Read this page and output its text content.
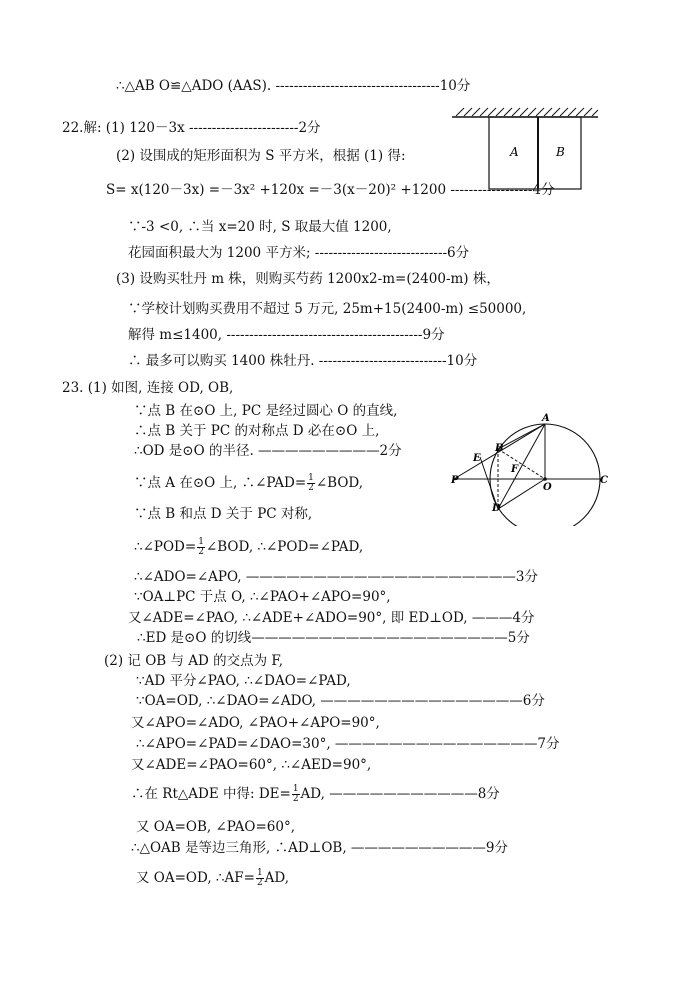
∴△AB O≌△ADO (AAS). ------------------------------------10分
22.解: (1) 120－3x ------------------------2分
(2) 设围成的矩形面积为 S 平方米，根据 (1) 得:
S= x(120－3x) =－3x² +120x =－3(x－20)² +1200 ------------------4分
∵-3 <0, ∴当 x=20 时, S 取最大值 1200,
花园面积最大为 1200 平方米; -----------------------------6分
(3) 设购买牡丹 m 株，则购买芍药 1200x2-m=(2400-m) 株，
∵学校计划购买费用不超过 5 万元, 25m+15(2400-m) ≤50000,
解得 m≤1400, -------------------------------------------9分
∴ 最多可以购买 1400 株牡丹. ----------------------------10分
A	B
23. (1) 如图, 连接 OD, OB,
∵点 B 在⊙O 上, PC 是经过圆心 O 的直线,
∴点 B 关于 PC 的对称点 D 必在⊙O 上,
∴OD 是⊙O 的半径. —————————2分
∵点 A 在⊙O 上, ∴∠PAD= $\frac{1}{2}$ ∠BOD,
∵点 B 和点 D 关于 PC 对称,
∴∠POD= $\frac{1}{2}$ ∠BOD, ∴∠POD=∠PAD,
∴∠ADO=∠APO, ————————————————————3分
∵OA⊥PC 于点 O, ∴∠PAO+∠APO=90°,
又∠ADE=∠PAO, ∴∠ADE+∠ADO=90°, 即 ED⊥OD, ———4分
∴ED 是⊙O 的切线———————————————————5分
(2) 记 OB 与 AD 的交点为 F,
∵AD 平分∠PAO, ∴∠DAO=∠PAD,
∵OA=OD, ∴∠DAO=∠ADO, ———————————————6分
又∠APO=∠ADO, ∠PAO+∠APO=90°,
∴∠APO=∠PAD=∠DAO=30°, ———————————————7分
又∠ADE=∠PAO=60°, ∴∠AED=90°,
∴在 Rt△ADE 中得: $DE= \frac{1}{2}$ AD, ———————————8分
又 OA=OB, ∠PAO=60°,
∴△OAB 是等边三角形, ∴AD⊥OB, ——————————9分
又 OA=OD, ∴AF= $\frac{1}{2}$ AD,
A
B
C
D
E
F
O
P
